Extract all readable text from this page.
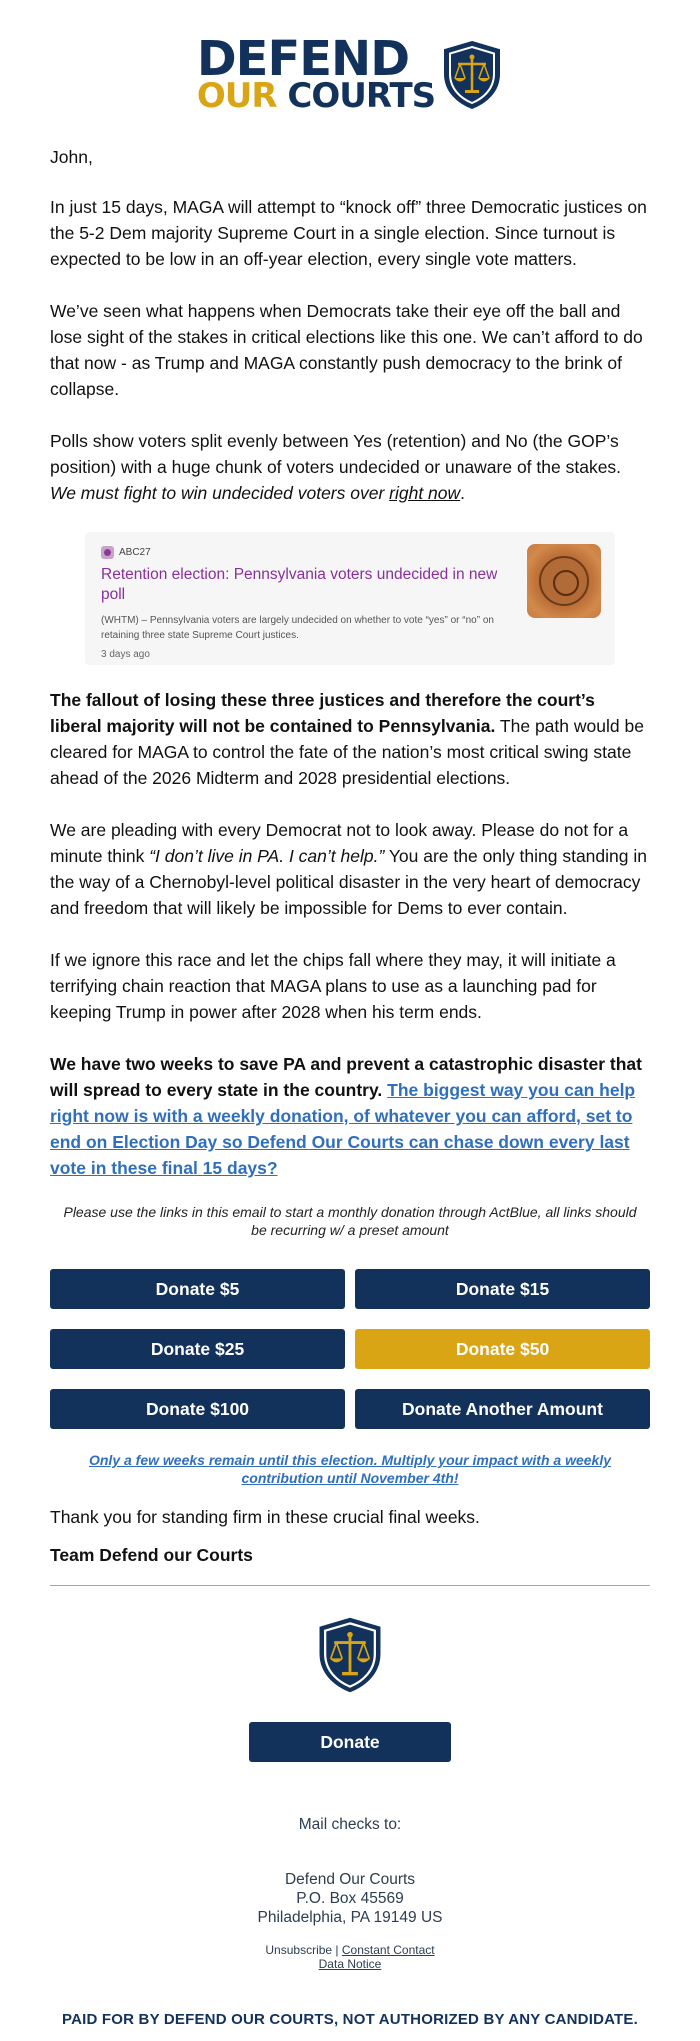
DEFEND
OUR COURTS

John,

In just 15 days, MAGA will attempt to “knock off” three Democratic justices on the 5-2 Dem majority Supreme Court in a single election. Since turnout is expected to be low in an off-year election, every single vote matters.

We’ve seen what happens when Democrats take their eye off the ball and lose sight of the stakes in critical elections like this one. We can’t afford to do that now - as Trump and MAGA constantly push democracy to the brink of collapse.

Polls show voters split evenly between Yes (retention) and No (the GOP’s position) with a huge chunk of voters undecided or unaware of the stakes. We must fight to win undecided voters over right now.

ABC27
Retention election: Pennsylvania voters undecided in new poll
(WHTM) – Pennsylvania voters are largely undecided on whether to vote “yes” or “no” on retaining three state Supreme Court justices.
3 days ago

The fallout of losing these three justices and therefore the court’s liberal majority will not be contained to Pennsylvania. The path would be cleared for MAGA to control the fate of the nation’s most critical swing state ahead of the 2026 Midterm and 2028 presidential elections.

We are pleading with every Democrat not to look away. Please do not for a minute think “I don’t live in PA. I can’t help.” You are the only thing standing in the way of a Chernobyl-level political disaster in the very heart of democracy and freedom that will likely be impossible for Dems to ever contain.

If we ignore this race and let the chips fall where they may, it will initiate a terrifying chain reaction that MAGA plans to use as a launching pad for keeping Trump in power after 2028 when his term ends.

We have two weeks to save PA and prevent a catastrophic disaster that will spread to every state in the country. The biggest way you can help right now is with a weekly donation, of whatever you can afford, set to end on Election Day so Defend Our Courts can chase down every last vote in these final 15 days?

Please use the links in this email to start a monthly donation through ActBlue, all links should be recurring w/ a preset amount

Donate $5	Donate $15
Donate $25	Donate $50
Donate $100	Donate Another Amount

Only a few weeks remain until this election. Multiply your impact with a weekly contribution until November 4th!

Thank you for standing firm in these crucial final weeks.

Team Defend our Courts

Donate

Mail checks to:

Defend Our Courts
P.O. Box 45569
Philadelphia, PA 19149 US
Unsubscribe | Constant Contact
Data Notice

PAID FOR BY DEFEND OUR COURTS, NOT AUTHORIZED BY ANY CANDIDATE.
